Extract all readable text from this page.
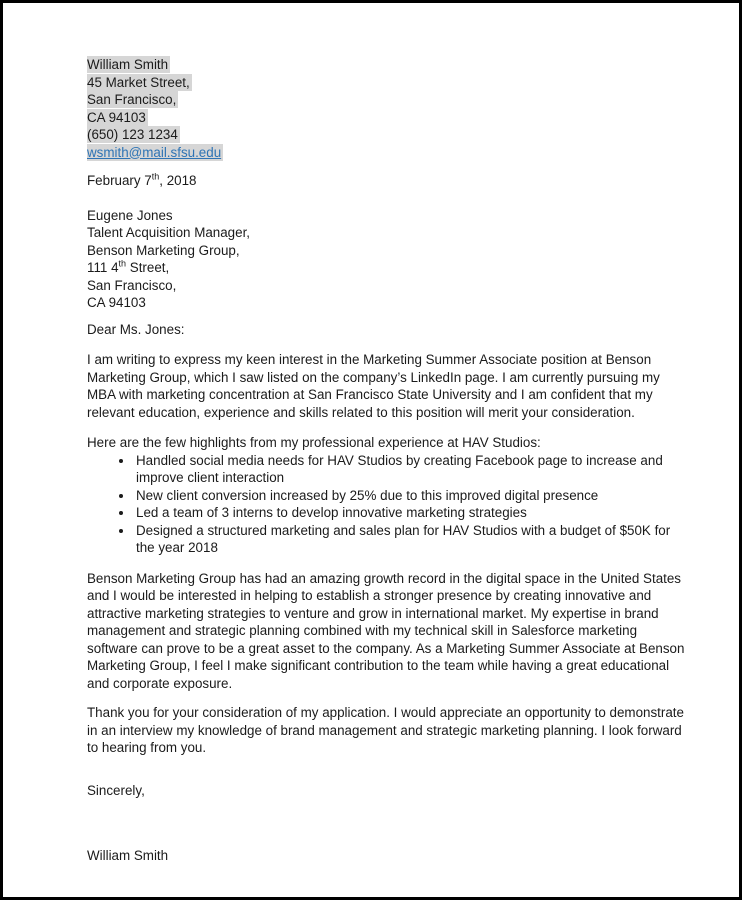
William Smith
45 Market Street,
San Francisco,
CA 94103
(650) 123 1234
wsmith@mail.sfsu.edu
February 7th, 2018
Eugene Jones
Talent Acquisition Manager,
Benson Marketing Group,
111 4th Street,
San Francisco,
CA 94103
Dear Ms. Jones:

I am writing to express my keen interest in the Marketing Summer Associate position at Benson Marketing Group, which I saw listed on the company’s LinkedIn page. I am currently pursuing my MBA with marketing concentration at San Francisco State University and I am confident that my relevant education, experience and skills related to this position will merit your consideration.

Here are the few highlights from my professional experience at HAV Studios:
• Handled social media needs for HAV Studios by creating Facebook page to increase and improve client interaction
• New client conversion increased by 25% due to this improved digital presence
• Led a team of 3 interns to develop innovative marketing strategies
• Designed a structured marketing and sales plan for HAV Studios with a budget of $50K for the year 2018

Benson Marketing Group has had an amazing growth record in the digital space in the United States and I would be interested in helping to establish a stronger presence by creating innovative and attractive marketing strategies to venture and grow in international market. My expertise in brand management and strategic planning combined with my technical skill in Salesforce marketing software can prove to be a great asset to the company. As a Marketing Summer Associate at Benson Marketing Group, I feel I make significant contribution to the team while having a great educational and corporate exposure.

Thank you for your consideration of my application. I would appreciate an opportunity to demonstrate in an interview my knowledge of brand management and strategic marketing planning. I look forward to hearing from you.

Sincerely,
William Smith
